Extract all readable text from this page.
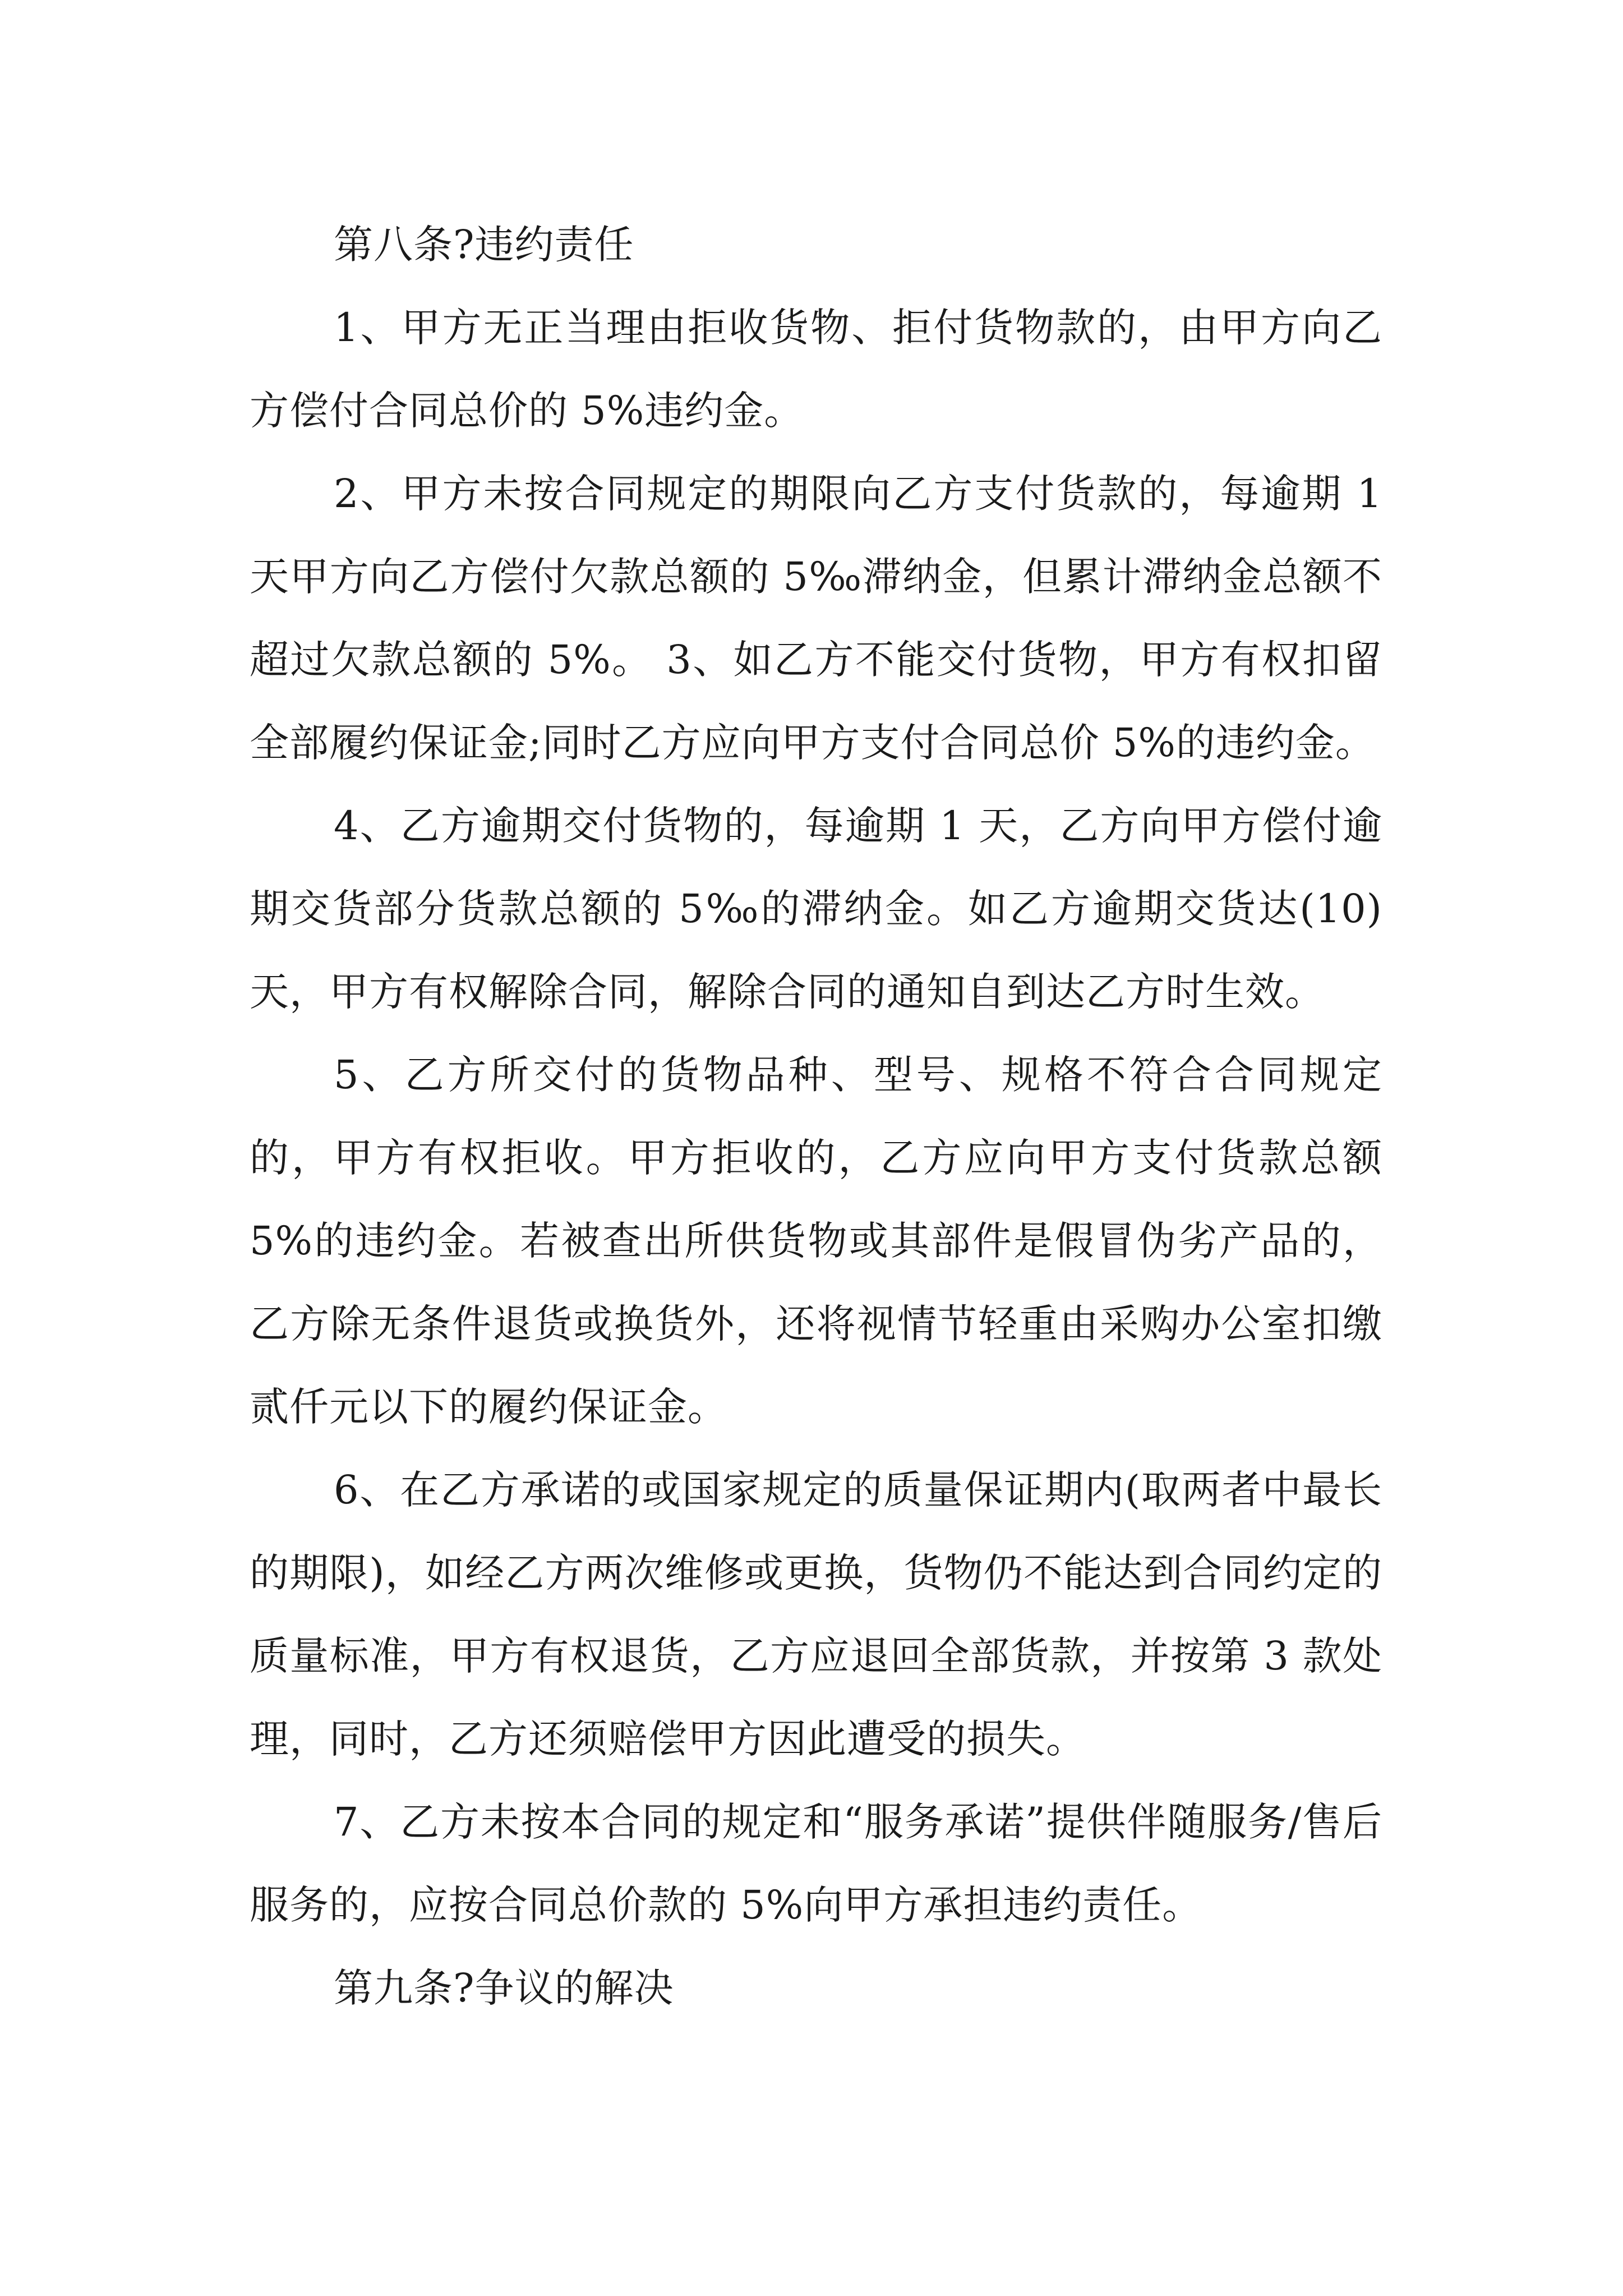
第八条?违约责任

1、甲方无正当理由拒收货物、拒付货物款的，由甲方向乙方偿付合同总价的 5%违约金。

2、甲方未按合同规定的期限向乙方支付货款的，每逾期 1 天甲方向乙方偿付欠款总额的 5‰滞纳金，但累计滞纳金总额不超过欠款总额的 5%。 3、如乙方不能交付货物，甲方有权扣留全部履约保证金;同时乙方应向甲方支付合同总价 5%的违约金。

4、乙方逾期交付货物的，每逾期 1 天，乙方向甲方偿付逾期交货部分货款总额的 5‰的滞纳金。如乙方逾期交货达(10)天，甲方有权解除合同，解除合同的通知自到达乙方时生效。

5、乙方所交付的货物品种、型号、规格不符合合同规定的，甲方有权拒收。甲方拒收的，乙方应向甲方支付货款总额 5%的违约金。若被查出所供货物或其部件是假冒伪劣产品的，乙方除无条件退货或换货外，还将视情节轻重由采购办公室扣缴贰仟元以下的履约保证金。

6、在乙方承诺的或国家规定的质量保证期内(取两者中最长的期限)，如经乙方两次维修或更换，货物仍不能达到合同约定的质量标准，甲方有权退货，乙方应退回全部货款，并按第 3 款处理，同时，乙方还须赔偿甲方因此遭受的损失。

7、乙方未按本合同的规定和“服务承诺”提供伴随服务/售后服务的，应按合同总价款的 5%向甲方承担违约责任。

第九条?争议的解决
